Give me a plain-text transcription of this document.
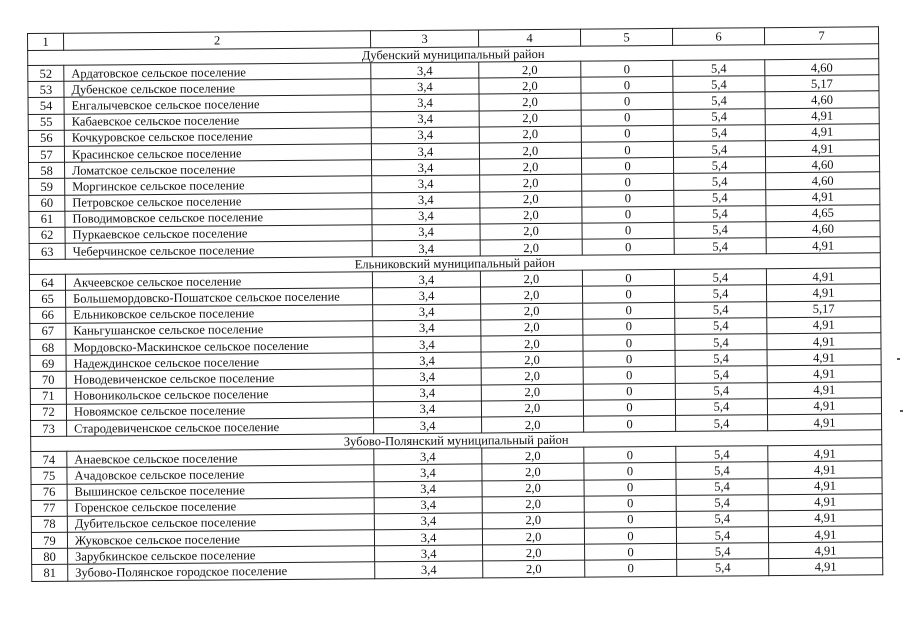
1	2	3	4	5	6	7
Дубенский муниципальный район						
52	Ардатовское сельское поселение	3,4	2,0	0	5,4	4,60
53	Дубенское сельское поселение	3,4	2,0	0	5,4	5,17
54	Енгалычевское сельское поселение	3,4	2,0	0	5,4	4,60
55	Кабаевское сельское поселение	3,4	2,0	0	5,4	4,91
56	Кочкуровское сельское поселение	3,4	2,0	0	5,4	4,91
57	Красинское сельское поселение	3,4	2,0	0	5,4	4,91
58	Ломатское сельское поселение	3,4	2,0	0	5,4	4,60
59	Моргинское сельское поселение	3,4	2,0	0	5,4	4,60
60	Петровское сельское поселение	3,4	2,0	0	5,4	4,91
61	Поводимовское сельское поселение	3,4	2,0	0	5,4	4,65
62	Пуркаевское сельское поселение	3,4	2,0	0	5,4	4,60
63	Чеберчинское сельское поселение	3,4	2,0	0	5,4	4,91
Ельниковский муниципальный район						
64	Акчеевское сельское поселение	3,4	2,0	0	5,4	4,91
65	Большемордовско-Пошатское сельское поселение	3,4	2,0	0	5,4	4,91
66	Ельниковское сельское поселение	3,4	2,0	0	5,4	5,17
67	Каньгушанское сельское поселение	3,4	2,0	0	5,4	4,91
68	Мордовско-Маскинское сельское поселение	3,4	2,0	0	5,4	4,91
69	Надеждинское сельское поселение	3,4	2,0	0	5,4	4,91
70	Новодевиченское сельское поселение	3,4	2,0	0	5,4	4,91
71	Новоникольское сельское поселение	3,4	2,0	0	5,4	4,91
72	Новоямское сельское поселение	3,4	2,0	0	5,4	4,91
73	Стародевиченское сельское поселение	3,4	2,0	0	5,4	4,91
Зубово-Полянский муниципальный район						
74	Анаевское сельское поселение	3,4	2,0	0	5,4	4,91
75	Ачадовское сельское поселение	3,4	2,0	0	5,4	4,91
76	Вышинское сельское поселение	3,4	2,0	0	5,4	4,91
77	Горенское сельское поселение	3,4	2,0	0	5,4	4,91
78	Дубительское сельское поселение	3,4	2,0	0	5,4	4,91
79	Жуковское сельское поселение	3,4	2,0	0	5,4	4,91
80	Зарубкинское сельское поселение	3,4	2,0	0	5,4	4,91
81	Зубово-Полянское городское поселение	3,4	2,0	0	5,4	4,91
